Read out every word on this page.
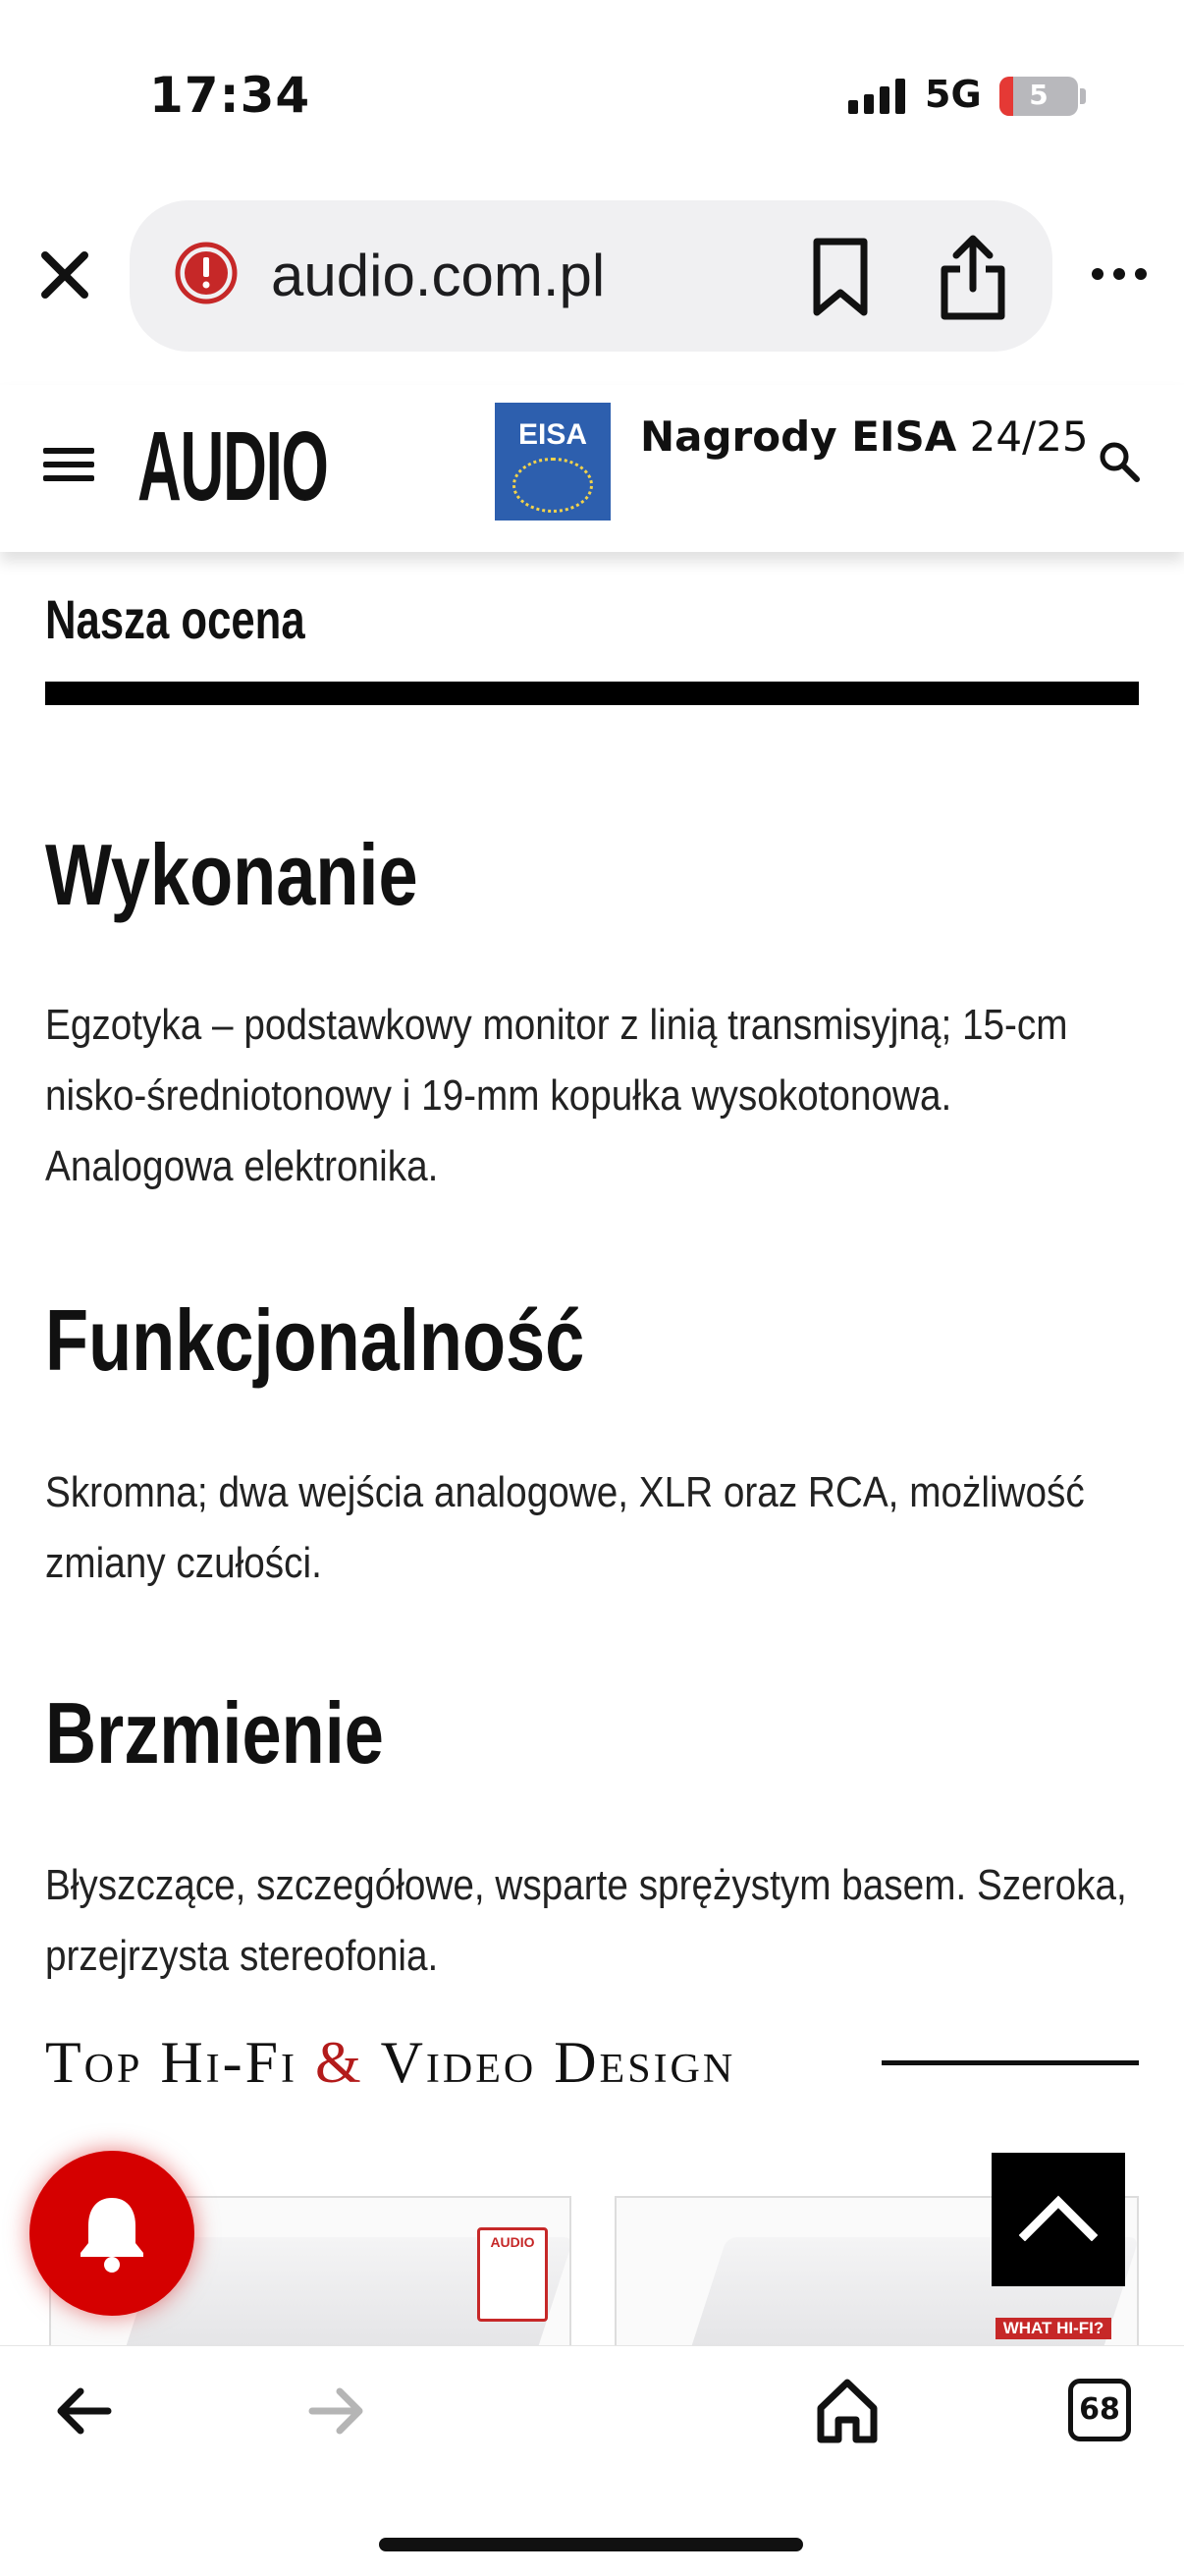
17:34	5G	5
audio.com.pl
AUDIO	EISA	Nagrody EISA 24/25
Nasza ocena
Wykonanie
Egzotyka – podstawkowy monitor z linią transmisyjną; 15-cm nisko-średniotonowy i 19-mm kopułka wysokotonowa. Analogowa elektronika.
Funkcjonalność
Skromna; dwa wejścia analogowe, XLR oraz RCA, możliwość zmiany czułości.
Brzmienie
Błyszczące, szczegółowe, wsparte sprężystym basem. Szeroka, przejrzysta stereofonia.
Top Hi-Fi & Video Design
AUDIO
WHAT HI-FI?
68
